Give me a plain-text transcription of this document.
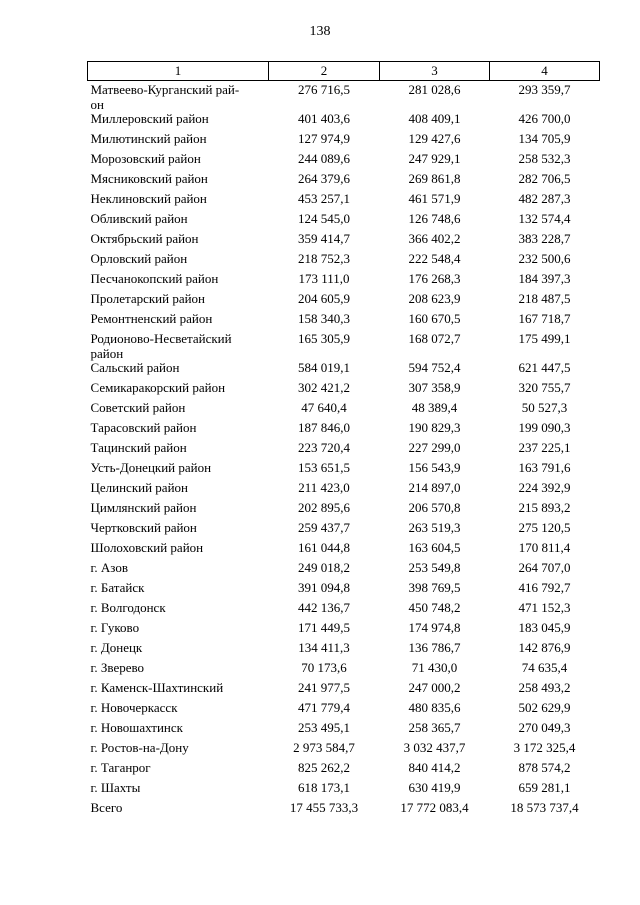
138
1	2	3	4
Матвеево-Курганский рай-
он	276 716,5	281 028,6	293 359,7
Миллеровский район	401 403,6	408 409,1	426 700,0
Милютинский район	127 974,9	129 427,6	134 705,9
Морозовский район	244 089,6	247 929,1	258 532,3
Мясниковский район	264 379,6	269 861,8	282 706,5
Неклиновский район	453 257,1	461 571,9	482 287,3
Обливский район	124 545,0	126 748,6	132 574,4
Октябрьский район	359 414,7	366 402,2	383 228,7
Орловский район	218 752,3	222 548,4	232 500,6
Песчанокопский район	173 111,0	176 268,3	184 397,3
Пролетарский район	204 605,9	208 623,9	218 487,5
Ремонтненский район	158 340,3	160 670,5	167 718,7
Родионово-Несветайский
район	165 305,9	168 072,7	175 499,1
Сальский район	584 019,1	594 752,4	621 447,5
Семикаракорский район	302 421,2	307 358,9	320 755,7
Советский район	47 640,4	48 389,4	50 527,3
Тарасовский район	187 846,0	190 829,3	199 090,3
Тацинский район	223 720,4	227 299,0	237 225,1
Усть-Донецкий район	153 651,5	156 543,9	163 791,6
Целинский район	211 423,0	214 897,0	224 392,9
Цимлянский район	202 895,6	206 570,8	215 893,2
Чертковский район	259 437,7	263 519,3	275 120,5
Шолоховский район	161 044,8	163 604,5	170 811,4
г. Азов	249 018,2	253 549,8	264 707,0
г. Батайск	391 094,8	398 769,5	416 792,7
г. Волгодонск	442 136,7	450 748,2	471 152,3
г. Гуково	171 449,5	174 974,8	183 045,9
г. Донецк	134 411,3	136 786,7	142 876,9
г. Зверево	70 173,6	71 430,0	74 635,4
г. Каменск-Шахтинский	241 977,5	247 000,2	258 493,2
г. Новочеркасск	471 779,4	480 835,6	502 629,9
г. Новошахтинск	253 495,1	258 365,7	270 049,3
г. Ростов-на-Дону	2 973 584,7	3 032 437,7	3 172 325,4
г. Таганрог	825 262,2	840 414,2	878 574,2
г. Шахты	618 173,1	630 419,9	659 281,1
Всего	17 455 733,3	17 772 083,4	18 573 737,4
